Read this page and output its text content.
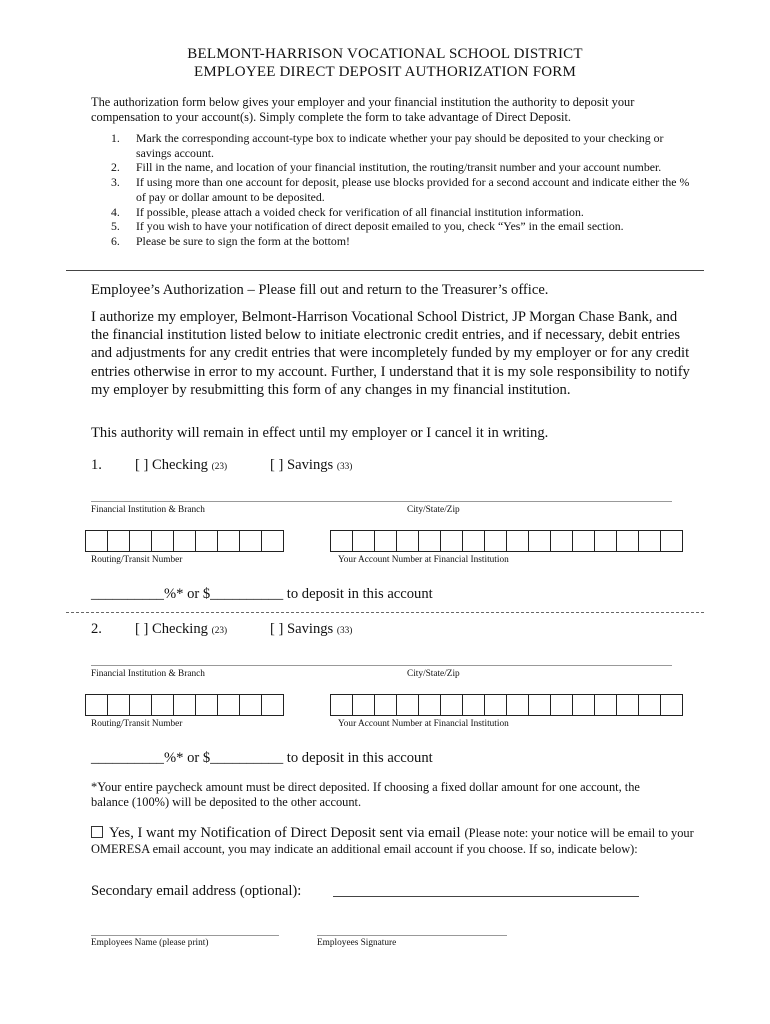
BELMONT-HARRISON VOCATIONAL SCHOOL DISTRICT
EMPLOYEE DIRECT DEPOSIT AUTHORIZATION FORM
The authorization form below gives your employer and your financial institution the authority to deposit your
compensation to your account(s). Simply complete the form to take advantage of Direct Deposit.
1. Mark the corresponding account-type box to indicate whether your pay should be deposited to your checking or savings account.
2. Fill in the name, and location of your financial institution, the routing/transit number and your account number.
3. If using more than one account for deposit, please use blocks provided for a second account and indicate either the % of pay or dollar amount to be deposited.
4. If possible, please attach a voided check for verification of all financial institution information.
5. If you wish to have your notification of direct deposit emailed to you, check “Yes” in the email section.
6. Please be sure to sign the form at the bottom!
Employee’s Authorization – Please fill out and return to the Treasurer’s office.
I authorize my employer, Belmont-Harrison Vocational School District, JP Morgan Chase Bank, and the financial institution listed below to initiate electronic credit entries, and if necessary, debit entries and adjustments for any credit entries that were incompletely funded by my employer or for any credit entries otherwise in error to my account. Further, I understand that it is my sole responsibility to notify my employer by resubmitting this form of any changes in my financial institution.
This authority will remain in effect until my employer or I cancel it in writing.
1. [ ] Checking (23)	[ ] Savings (33)
Financial Institution & Branch	City/State/Zip
Routing/Transit Number	Your Account Number at Financial Institution
__________%* or $__________ to deposit in this account
2. [ ] Checking (23)	[ ] Savings (33)
Financial Institution & Branch	City/State/Zip
Routing/Transit Number	Your Account Number at Financial Institution
__________%* or $__________ to deposit in this account
*Your entire paycheck amount must be direct deposited. If choosing a fixed dollar amount for one account, the
balance (100%) will be deposited to the other account.
Yes, I want my Notification of Direct Deposit sent via email (Please note: your notice will be email to your
OMERESA email account, you may indicate an additional email account if you choose. If so, indicate below):
Secondary email address (optional):
Employees Name (please print)	Employees Signature
